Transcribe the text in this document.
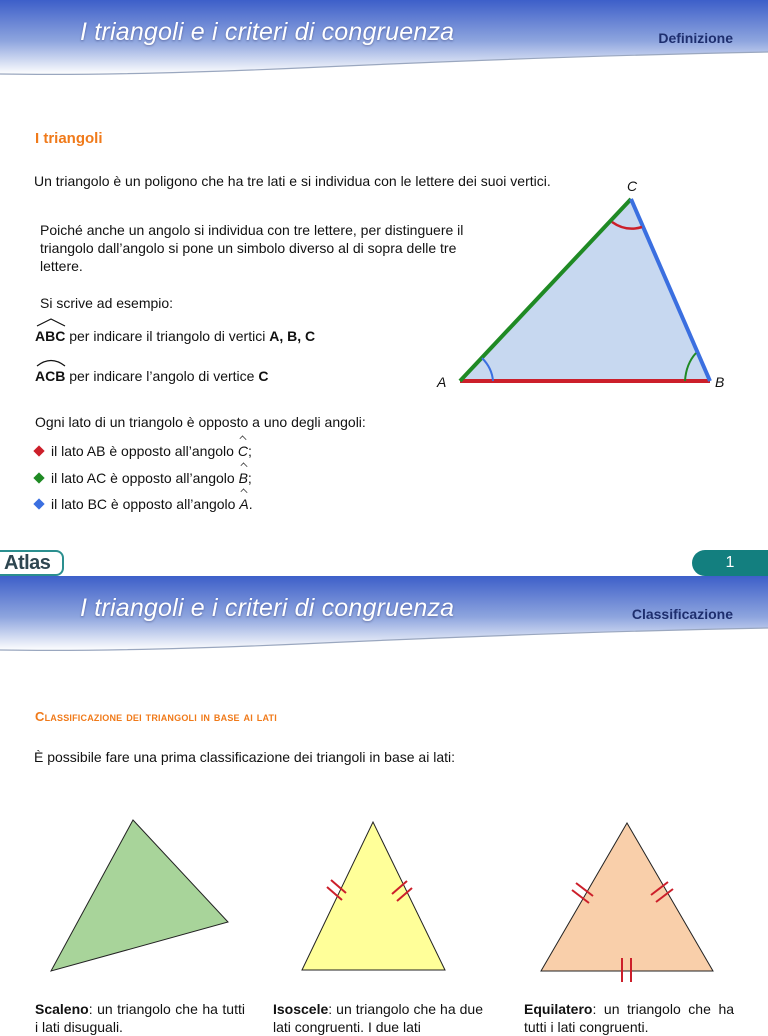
I triangoli e i criteri di congruenza	Definizione
I triangoli
Un triangolo è un poligono che ha tre lati e si individua con le lettere dei suoi vertici.
Poiché anche un angolo si individua con tre lettere, per distinguere il
triangolo dall’angolo si pone un simbolo diverso al di sopra delle tre
lettere.
Si scrive ad esempio:
ABC per indicare il triangolo di vertici A, B, C
ACB per indicare l’angolo di vertice C
Ogni lato di un triangolo è opposto a uno degli angoli:
il lato AB è opposto all’angolo C;
il lato AC è opposto all’angolo B;
il lato BC è opposto all’angolo A.
A	B
C
Atlas	1
I triangoli e i criteri di congruenza	Classificazione
Classificazione dei triangoli in base ai lati
È possibile fare una prima classificazione dei triangoli in base ai lati:
Scaleno: un triangolo che ha tutti i lati disuguali.
Isoscele: un triangolo che ha due lati congruenti. I due lati
Equilatero: un triangolo che ha tutti i lati congruenti.
